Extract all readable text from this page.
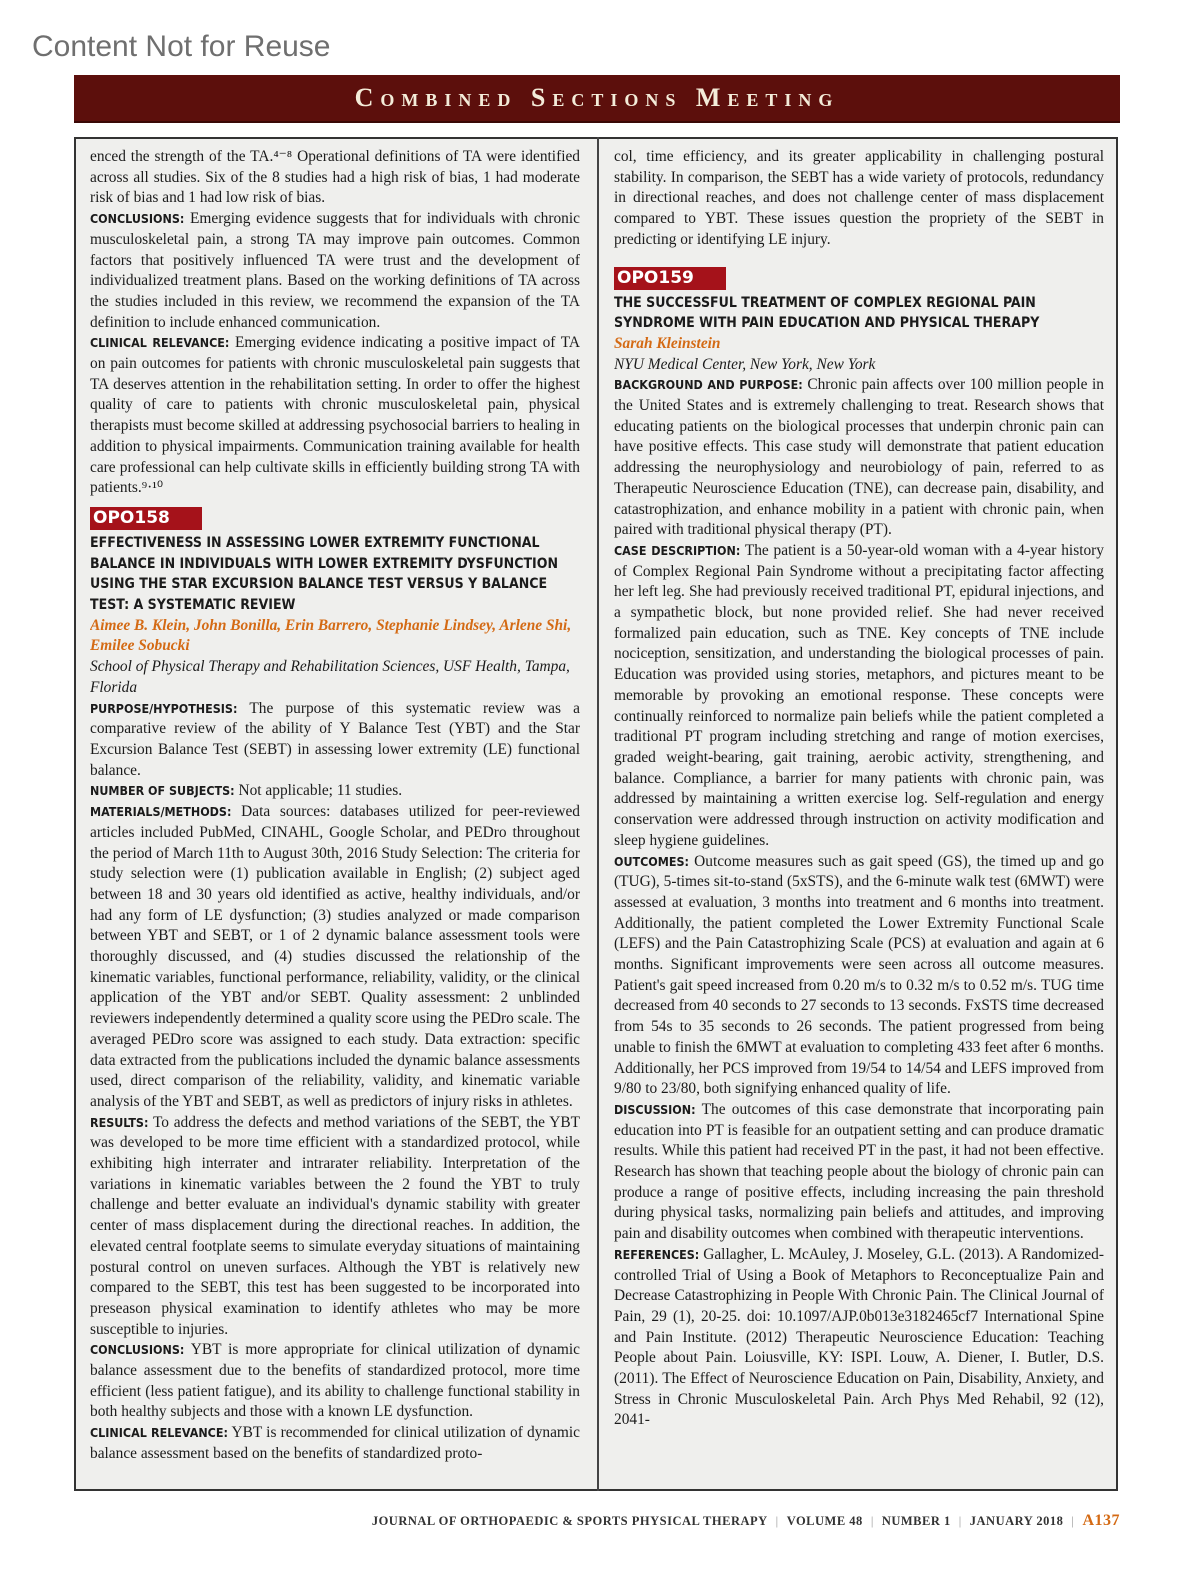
Content Not for Reuse
Combined Sections Meeting

enced the strength of the TA.⁴⁻⁸ Operational definitions of TA were identified across all studies. Six of the 8 studies had a high risk of bias, 1 had moderate risk of bias and 1 had low risk of bias.

CONCLUSIONS: Emerging evidence suggests that for individuals with chronic musculoskeletal pain, a strong TA may improve pain outcomes. Common factors that positively influenced TA were trust and the development of individualized treatment plans. Based on the working definitions of TA across the studies included in this review, we recommend the expansion of the TA definition to include enhanced communication.

CLINICAL RELEVANCE: Emerging evidence indicating a positive impact of TA on pain outcomes for patients with chronic musculoskeletal pain suggests that TA deserves attention in the rehabilitation setting. In order to offer the highest quality of care to patients with chronic musculoskeletal pain, physical therapists must become skilled at addressing psychosocial barriers to healing in addition to physical impairments. Communication training available for health care professional can help cultivate skills in efficiently building strong TA with patients.⁹·¹⁰

OPO158

EFFECTIVENESS IN ASSESSING LOWER EXTREMITY FUNCTIONAL BALANCE IN INDIVIDUALS WITH LOWER EXTREMITY DYSFUNCTION USING THE STAR EXCURSION BALANCE TEST VERSUS Y BALANCE TEST: A SYSTEMATIC REVIEW

Aimee B. Klein, John Bonilla, Erin Barrero, Stephanie Lindsey, Arlene Shi, Emilee Sobucki

School of Physical Therapy and Rehabilitation Sciences, USF Health, Tampa, Florida

PURPOSE/HYPOTHESIS: The purpose of this systematic review was a comparative review of the ability of Y Balance Test (YBT) and the Star Excursion Balance Test (SEBT) in assessing lower extremity (LE) functional balance.

NUMBER OF SUBJECTS: Not applicable; 11 studies.

MATERIALS/METHODS: Data sources: databases utilized for peer-reviewed articles included PubMed, CINAHL, Google Scholar, and PEDro throughout the period of March 11th to August 30th, 2016 Study Selection: The criteria for study selection were (1) publication available in English; (2) subject aged between 18 and 30 years old identified as active, healthy individuals, and/or had any form of LE dysfunction; (3) studies analyzed or made comparison between YBT and SEBT, or 1 of 2 dynamic balance assessment tools were thoroughly discussed, and (4) studies discussed the relationship of the kinematic variables, functional performance, reliability, validity, or the clinical application of the YBT and/or SEBT. Quality assessment: 2 unblinded reviewers independently determined a quality score using the PEDro scale. The averaged PEDro score was assigned to each study. Data extraction: specific data extracted from the publications included the dynamic balance assessments used, direct comparison of the reliability, validity, and kinematic variable analysis of the YBT and SEBT, as well as predictors of injury risks in athletes.

RESULTS: To address the defects and method variations of the SEBT, the YBT was developed to be more time efficient with a standardized protocol, while exhibiting high interrater and intrarater reliability. Interpretation of the variations in kinematic variables between the 2 found the YBT to truly challenge and better evaluate an individual's dynamic stability with greater center of mass displacement during the directional reaches. In addition, the elevated central footplate seems to simulate everyday situations of maintaining postural control on uneven surfaces. Although the YBT is relatively new compared to the SEBT, this test has been suggested to be incorporated into preseason physical examination to identify athletes who may be more susceptible to injuries.

CONCLUSIONS: YBT is more appropriate for clinical utilization of dynamic balance assessment due to the benefits of standardized protocol, more time efficient (less patient fatigue), and its ability to challenge functional stability in both healthy subjects and those with a known LE dysfunction.

CLINICAL RELEVANCE: YBT is recommended for clinical utilization of dynamic balance assessment based on the benefits of standardized proto-

col, time efficiency, and its greater applicability in challenging postural stability. In comparison, the SEBT has a wide variety of protocols, redundancy in directional reaches, and does not challenge center of mass displacement compared to YBT. These issues question the propriety of the SEBT in predicting or identifying LE injury.

OPO159

THE SUCCESSFUL TREATMENT OF COMPLEX REGIONAL PAIN SYNDROME WITH PAIN EDUCATION AND PHYSICAL THERAPY

Sarah Kleinstein

NYU Medical Center, New York, New York

BACKGROUND AND PURPOSE: Chronic pain affects over 100 million people in the United States and is extremely challenging to treat. Research shows that educating patients on the biological processes that underpin chronic pain can have positive effects. This case study will demonstrate that patient education addressing the neurophysiology and neurobiology of pain, referred to as Therapeutic Neuroscience Education (TNE), can decrease pain, disability, and catastrophization, and enhance mobility in a patient with chronic pain, when paired with traditional physical therapy (PT).

CASE DESCRIPTION: The patient is a 50-year-old woman with a 4-year history of Complex Regional Pain Syndrome without a precipitating factor affecting her left leg. She had previously received traditional PT, epidural injections, and a sympathetic block, but none provided relief. She had never received formalized pain education, such as TNE. Key concepts of TNE include nociception, sensitization, and understanding the biological processes of pain. Education was provided using stories, metaphors, and pictures meant to be memorable by provoking an emotional response. These concepts were continually reinforced to normalize pain beliefs while the patient completed a traditional PT program including stretching and range of motion exercises, graded weight-bearing, gait training, aerobic activity, strengthening, and balance. Compliance, a barrier for many patients with chronic pain, was addressed by maintaining a written exercise log. Self-regulation and energy conservation were addressed through instruction on activity modification and sleep hygiene guidelines.

OUTCOMES: Outcome measures such as gait speed (GS), the timed up and go (TUG), 5-times sit-to-stand (5xSTS), and the 6-minute walk test (6MWT) were assessed at evaluation, 3 months into treatment and 6 months into treatment. Additionally, the patient completed the Lower Extremity Functional Scale (LEFS) and the Pain Catastrophizing Scale (PCS) at evaluation and again at 6 months. Significant improvements were seen across all outcome measures. Patient's gait speed increased from 0.20 m/s to 0.32 m/s to 0.52 m/s. TUG time decreased from 40 seconds to 27 seconds to 13 seconds. FxSTS time decreased from 54s to 35 seconds to 26 seconds. The patient progressed from being unable to finish the 6MWT at evaluation to completing 433 feet after 6 months. Additionally, her PCS improved from 19/54 to 14/54 and LEFS improved from 9/80 to 23/80, both signifying enhanced quality of life.

DISCUSSION: The outcomes of this case demonstrate that incorporating pain education into PT is feasible for an outpatient setting and can produce dramatic results. While this patient had received PT in the past, it had not been effective. Research has shown that teaching people about the biology of chronic pain can produce a range of positive effects, including increasing the pain threshold during physical tasks, normalizing pain beliefs and attitudes, and improving pain and disability outcomes when combined with therapeutic interventions.

REFERENCES: Gallagher, L. McAuley, J. Moseley, G.L. (2013). A Randomized-controlled Trial of Using a Book of Metaphors to Reconceptualize Pain and Decrease Catastrophizing in People With Chronic Pain. The Clinical Journal of Pain, 29 (1), 20-25. doi: 10.1097/AJP.0b013e3182465cf7 International Spine and Pain Institute. (2012) Therapeutic Neuroscience Education: Teaching People about Pain. Loiusville, KY: ISPI. Louw, A. Diener, I. Butler, D.S. (2011). The Effect of Neuroscience Education on Pain, Disability, Anxiety, and Stress in Chronic Musculoskeletal Pain. Arch Phys Med Rehabil, 92 (12), 2041-

JOURNAL OF ORTHOPAEDIC & SPORTS PHYSICAL THERAPY | VOLUME 48 | NUMBER 1 | JANUARY 2018 | A137
